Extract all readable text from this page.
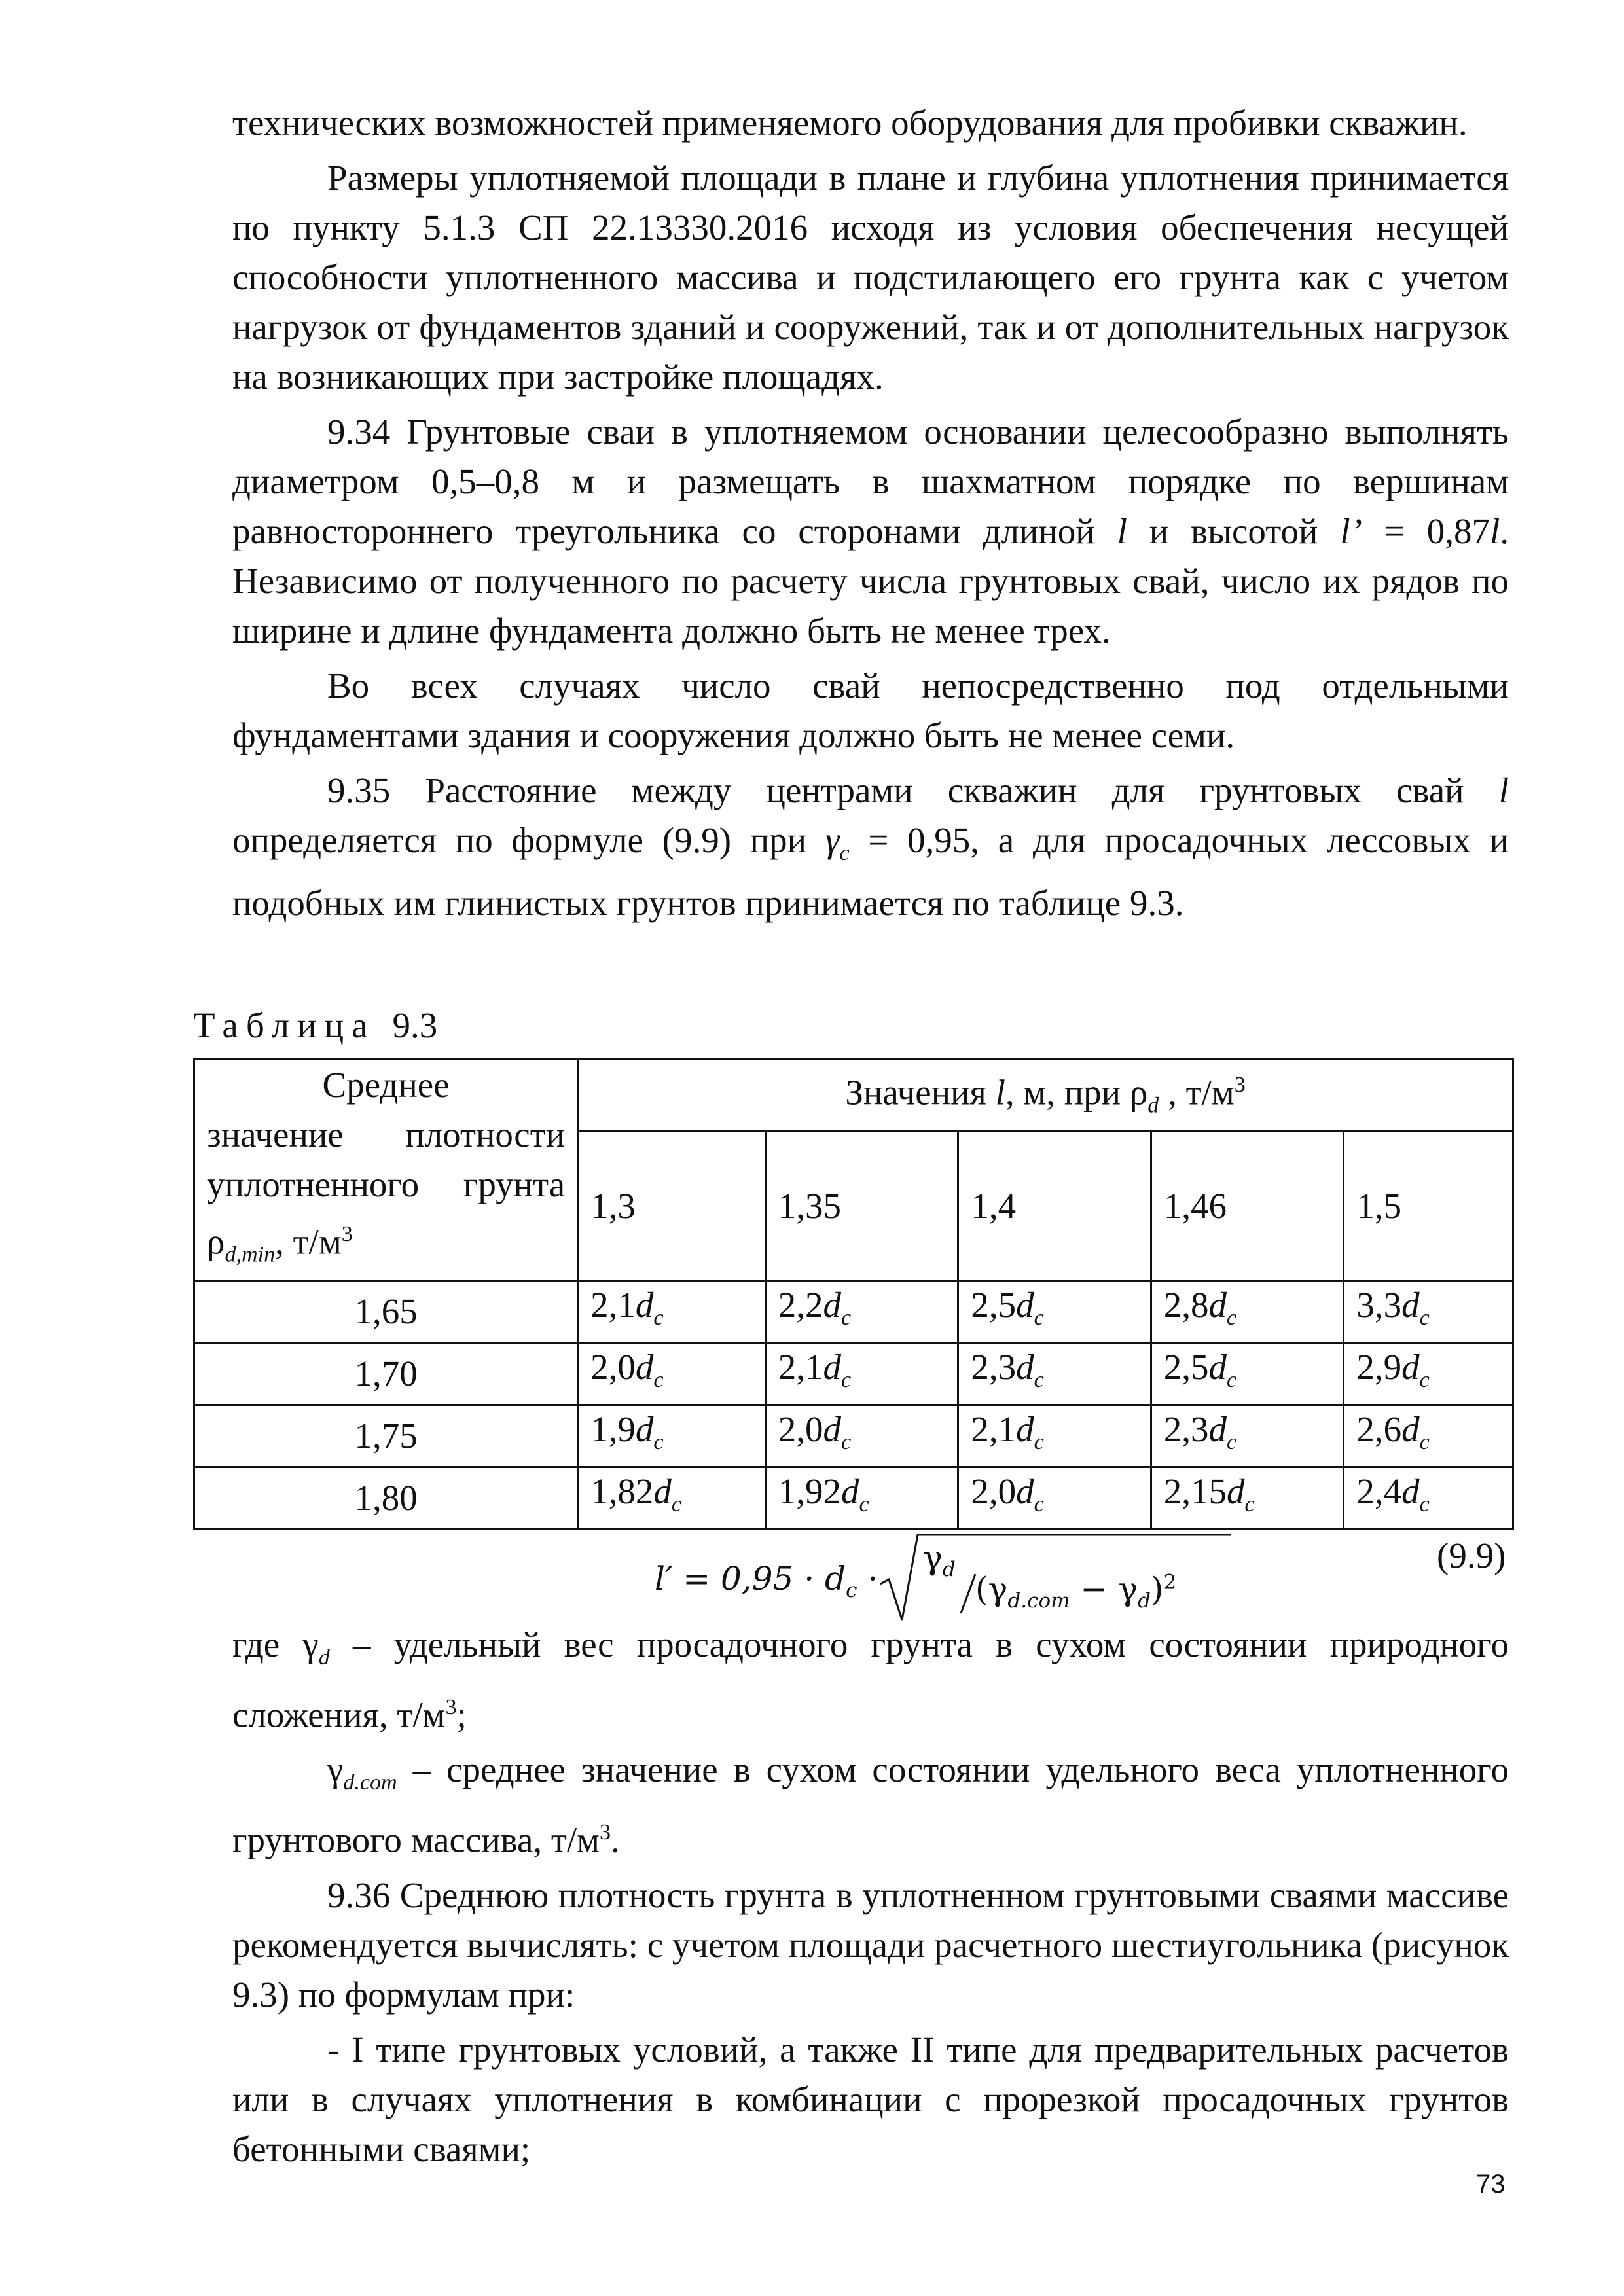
технических возможностей применяемого оборудования для пробивки скважин.

Размеры уплотняемой площади в плане и глубина уплотнения принимается по пункту 5.1.3 СП 22.13330.2016 исходя из условия обеспечения несущей способности уплотненного массива и подстилающего его грунта как с учетом нагрузок от фундаментов зданий и сооружений, так и от дополнительных нагрузок на возникающих при застройке площадях.

9.34 Грунтовые сваи в уплотняемом основании целесообразно выполнять диаметром 0,5–0,8 м и размещать в шахматном порядке по вершинам равностороннего треугольника со сторонами длиной l и высотой l’ = 0,87l. Независимо от полученного по расчету числа грунтовых свай, число их рядов по ширине и длине фундамента должно быть не менее трех.

Во всех случаях число свай непосредственно под отдельными фундаментами здания и сооружения должно быть не менее семи.

9.35 Расстояние между центрами скважин для грунтовых свай l определяется по формуле (9.9) при $\gamma_c = 0,95$, а для просадочных лессовых и подобных им глинистых грунтов принимается по таблице 9.3.

Таблица 9.3
Среднее
значение плотности
уплотненного грунта
$\rho_{d,min}$, $т/м^3$	Значения l, м, при $\rho_d$ , $т/м^3$
	1,3	1,35	1,4	1,46	1,5
1,65	$2,1d_c$	$2,2d_c$	$2,5d_c$	$2,8d_c$	$3,3d_c$
1,70	$2,0d_c$	$2,1d_c$	$2,3d_c$	$2,5d_c$	$2,9d_c$
1,75	$1,9d_c$	$2,0d_c$	$2,1d_c$	$2,3d_c$	$2,6d_c$
1,80	$1,82d_c$	$1,92d_c$	$2,0d_c$	$2,15d_c$	$2,4d_c$
$l' = 0,95 \cdot d_c$ ·
$\gamma_d$
$(\gamma_{d.com} - \gamma_d)^2$
(9.9)

где $\gamma_d$ – удельный вес просадочного грунта в сухом состоянии природного сложения, $т/м^3$;

$\gamma_{d.com}$ – среднее значение в сухом состоянии удельного веса уплотненного грунтового массива, $т/м^3$.

9.36 Среднюю плотность грунта в уплотненном грунтовыми сваями массиве рекомендуется вычислять: с учетом площади расчетного шестиугольника (рисунок 9.3) по формулам при:

- I типе грунтовых условий, а также II типе для предварительных расчетов или в случаях уплотнения в комбинации с прорезкой просадочных грунтов бетонными сваями;

73
